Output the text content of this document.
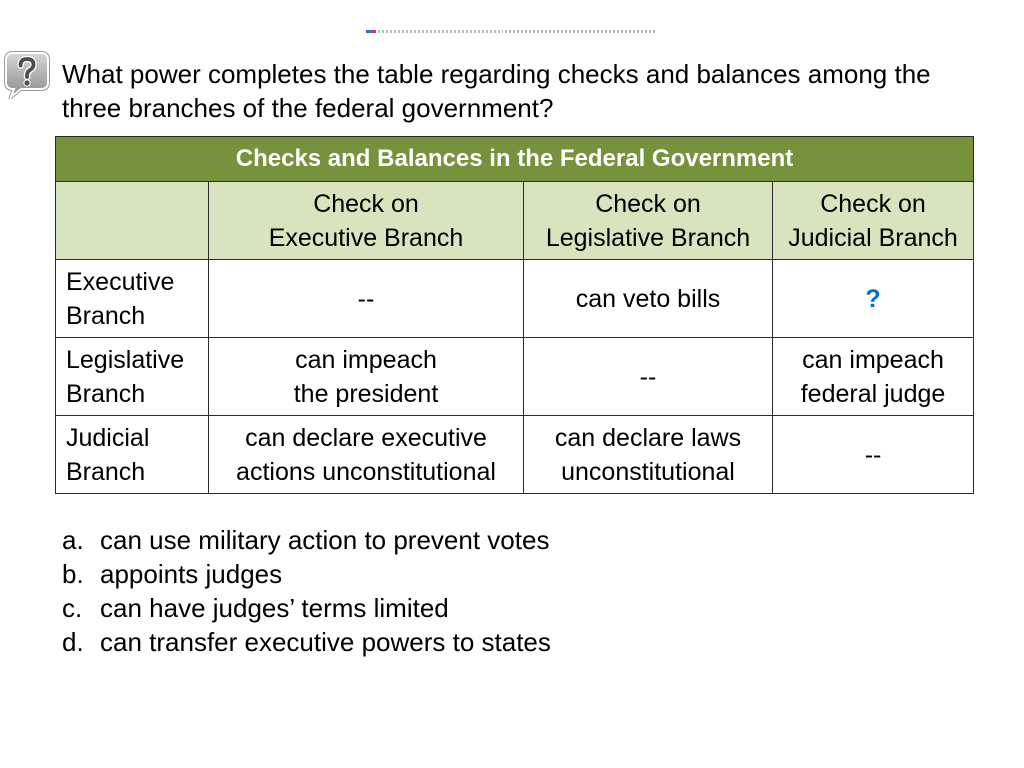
What power completes the table regarding checks and balances among the three branches of the federal government?
Checks and Balances in the Federal Government			

	Check on
Executive Branch	Check on
Legislative Branch	Check on
Judicial Branch

Executive
Branch	--	can veto bills	?

Legislative
Branch	can impeach
the president	--	can impeach
federal judge

Judicial
Branch	can declare executive
actions unconstitutional	can declare laws
unconstitutional	--
a. can use military action to prevent votes
b. appoints judges
c. can have judges’ terms limited
d. can transfer executive powers to states
